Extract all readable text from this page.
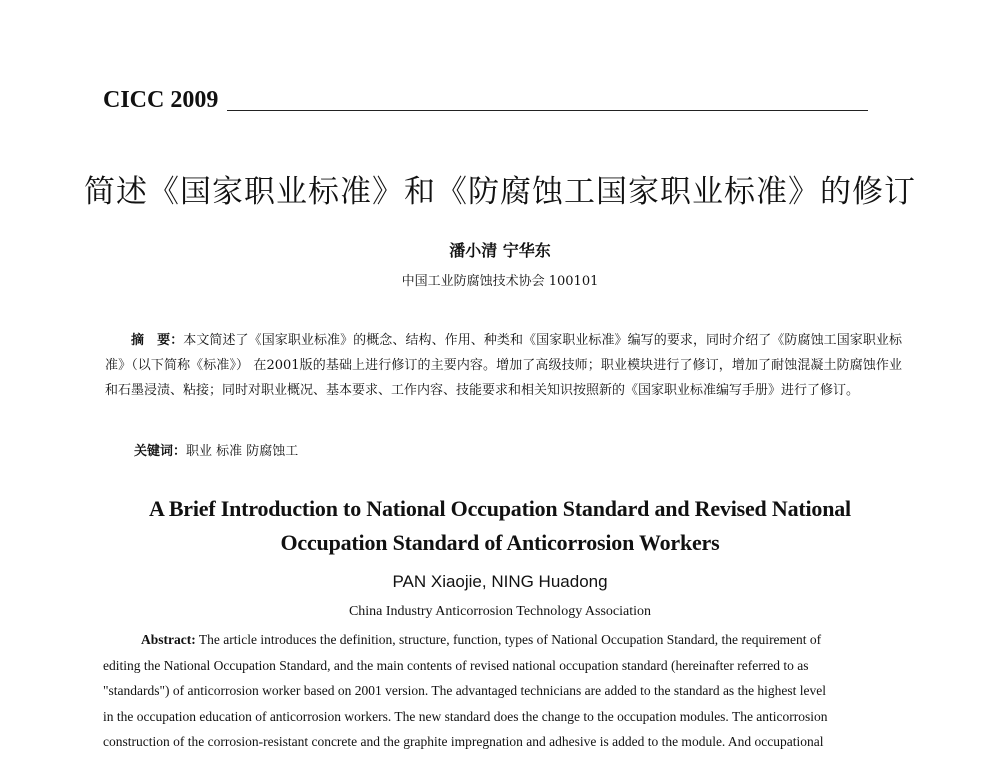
CICC 2009
简述《国家职业标准》和《防腐蚀工国家职业标准》的修订
潘小清 宁华东
中国工业防腐蚀技术协会 100101
摘　要：本文简述了《国家职业标准》的概念、结构、作用、种类和《国家职业标准》编写的要求，同时介绍了《防腐蚀工国家职业标准》（以下简称《标准》） 在2001版的基础上进行修订的主要内容。增加了高级技师；职业模块进行了修订，增加了耐蚀混凝土防腐蚀作业和石墨浸渍、粘接；同时对职业概况、基本要求、工作内容、技能要求和相关知识按照新的《国家职业标准编写手册》进行了修订。
关键词：职业 标准 防腐蚀工
A Brief Introduction to National Occupation Standard and Revised National
Occupation Standard of Anticorrosion Workers
PAN Xiaojie, NING Huadong
China Industry Anticorrosion Technology Association
Abstract: The article introduces the definition, structure, function, types of National Occupation Standard, the requirement of
editing the National Occupation Standard, and the main contents of revised national occupation standard (hereinafter referred to as
"standards") of anticorrosion worker based on 2001 version. The advantaged technicians are added to the standard as the highest level
in the occupation education of anticorrosion workers. The new standard does the change to the occupation modules. The anticorrosion
construction of the corrosion-resistant concrete and the graphite impregnation and adhesive is added to the module. And occupational
